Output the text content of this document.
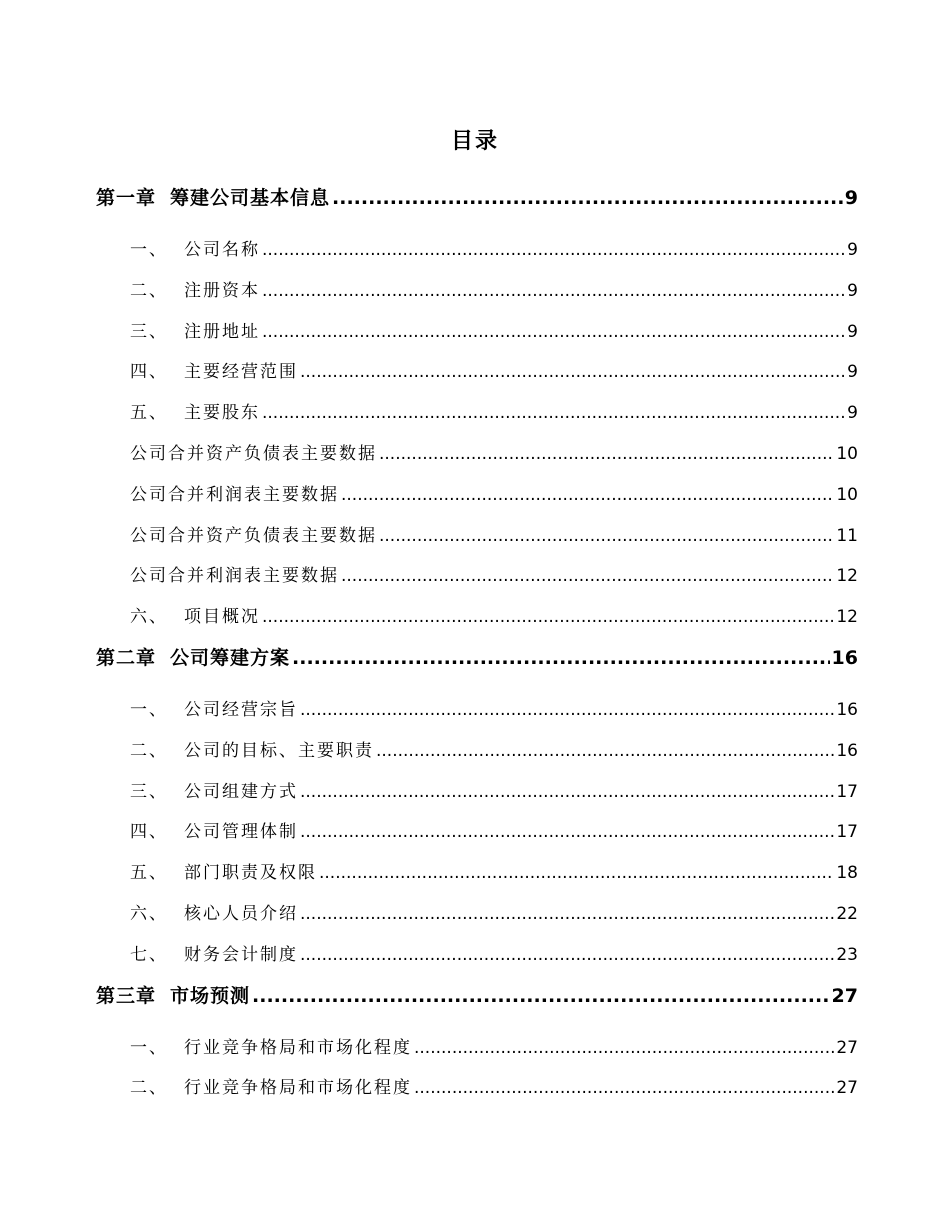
目录
第一章 筹建公司基本信息 .....	9
一、 公司名称 .....	9
二、 注册资本 .....	9
三、 注册地址 .....	9
四、 主要经营范围 .....	9
五、 主要股东 .....	9
公司合并资产负债表主要数据 .....	10
公司合并利润表主要数据 .....	10
公司合并资产负债表主要数据 .....	11
公司合并利润表主要数据 .....	12
六、 项目概况 .....	12
第二章 公司筹建方案 .....	16
一、 公司经营宗旨 .....	16
二、 公司的目标、主要职责 .....	16
三、 公司组建方式 .....	17
四、 公司管理体制 .....	17
五、 部门职责及权限 .....	18
六、 核心人员介绍 .....	22
七、 财务会计制度 .....	23
第三章 市场预测 .....	27
一、 行业竞争格局和市场化程度 .....	27
二、 行业竞争格局和市场化程度 .....	27
